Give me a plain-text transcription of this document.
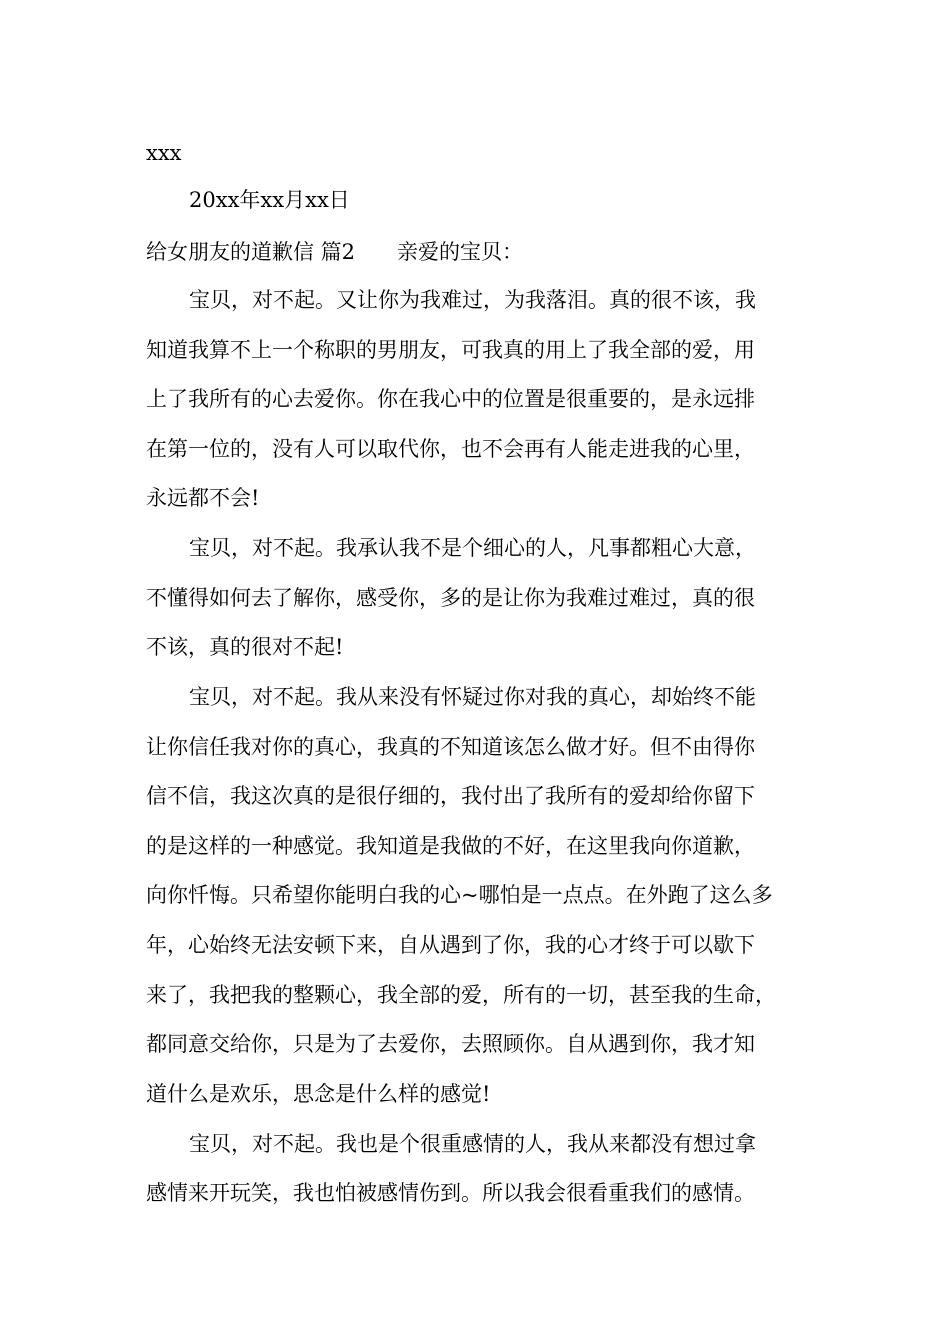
xxx
20xx年xx月xx日
给女朋友的道歉信 篇2 亲爱的宝贝：
宝贝，对不起。又让你为我难过，为我落泪。真的很不该，我
知道我算不上一个称职的男朋友，可我真的用上了我全部的爱，用
上了我所有的心去爱你。你在我心中的位置是很重要的，是永远排
在第一位的，没有人可以取代你，也不会再有人能走进我的心里，
永远都不会!
宝贝，对不起。我承认我不是个细心的人，凡事都粗心大意，
不懂得如何去了解你，感受你，多的是让你为我难过难过，真的很
不该，真的很对不起!
宝贝，对不起。我从来没有怀疑过你对我的真心，却始终不能
让你信任我对你的真心，我真的不知道该怎么做才好。但不由得你
信不信，我这次真的是很仔细的，我付出了我所有的爱却给你留下
的是这样的一种感觉。我知道是我做的不好，在这里我向你道歉，
向你忏悔。只希望你能明白我的心~哪怕是一点点。在外跑了这么多
年，心始终无法安顿下来，自从遇到了你，我的心才终于可以歇下
来了，我把我的整颗心，我全部的爱，所有的一切，甚至我的生命，
都同意交给你，只是为了去爱你，去照顾你。自从遇到你，我才知
道什么是欢乐，思念是什么样的感觉!
宝贝，对不起。我也是个很重感情的人，我从来都没有想过拿
感情来开玩笑，我也怕被感情伤到。所以我会很看重我们的感情。
